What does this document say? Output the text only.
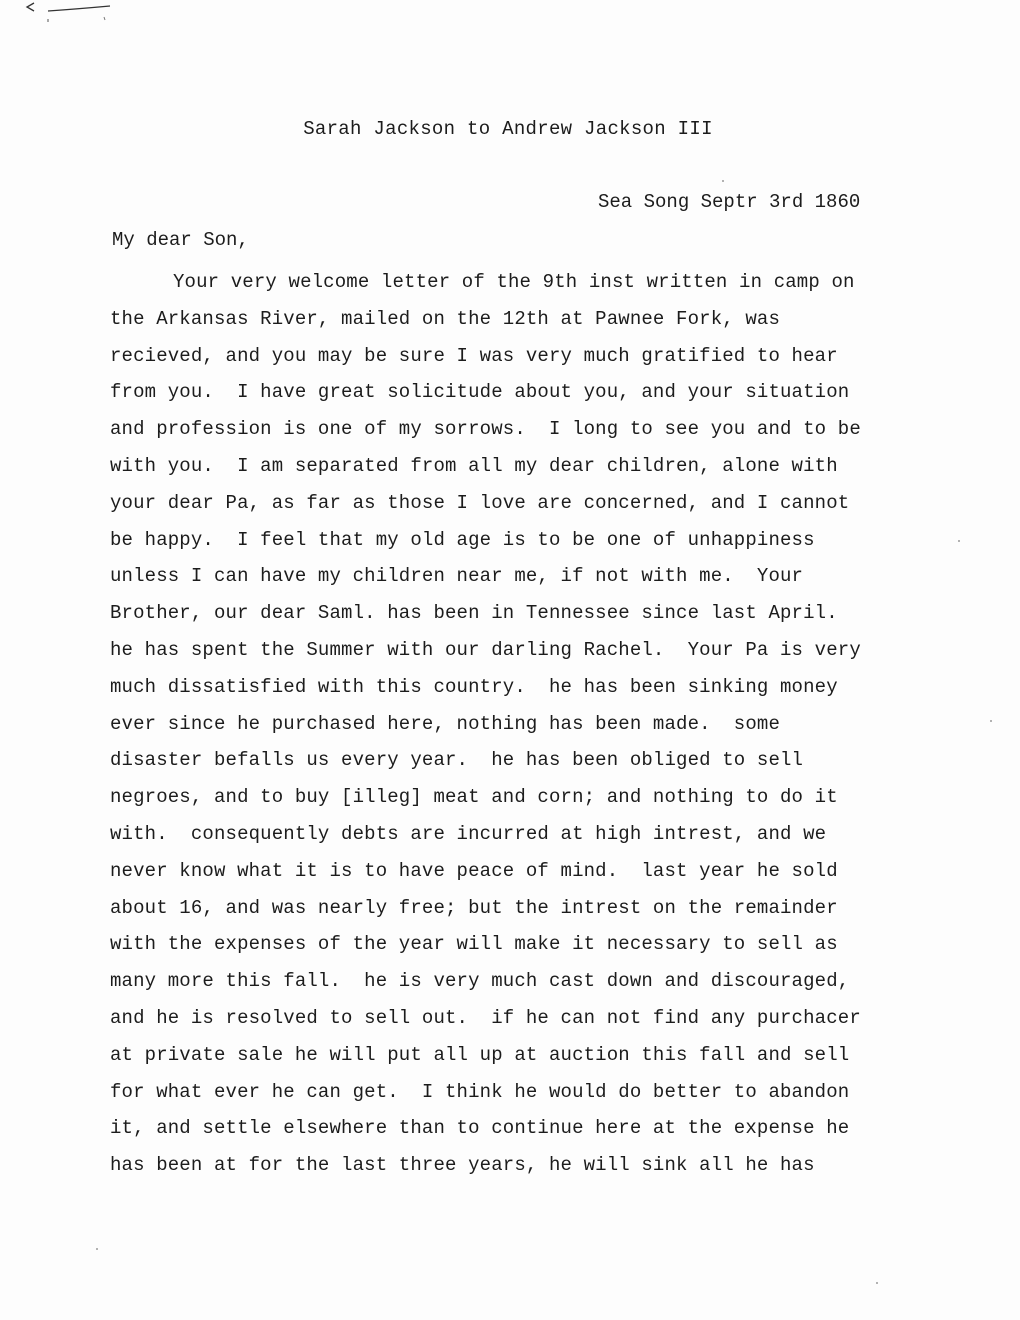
Sarah Jackson to Andrew Jackson III
Sea Song Septr 3rd 1860
My dear Son,
Your very welcome letter of the 9th inst written in camp on
the Arkansas River, mailed on the 12th at Pawnee Fork, was
recieved, and you may be sure I was very much gratified to hear
from you.  I have great solicitude about you, and your situation
and profession is one of my sorrows.  I long to see you and to be
with you.  I am separated from all my dear children, alone with
your dear Pa, as far as those I love are concerned, and I cannot
be happy.  I feel that my old age is to be one of unhappiness
unless I can have my children near me, if not with me.  Your
Brother, our dear Saml. has been in Tennessee since last April.
he has spent the Summer with our darling Rachel.  Your Pa is very
much dissatisfied with this country.  he has been sinking money
ever since he purchased here, nothing has been made.  some
disaster befalls us every year.  he has been obliged to sell
negroes, and to buy [illeg] meat and corn; and nothing to do it
with.  consequently debts are incurred at high intrest, and we
never know what it is to have peace of mind.  last year he sold
about 16, and was nearly free; but the intrest on the remainder
with the expenses of the year will make it necessary to sell as
many more this fall.  he is very much cast down and discouraged,
and he is resolved to sell out.  if he can not find any purchacer
at private sale he will put all up at auction this fall and sell
for what ever he can get.  I think he would do better to abandon
it, and settle elsewhere than to continue here at the expense he
has been at for the last three years, he will sink all he has
